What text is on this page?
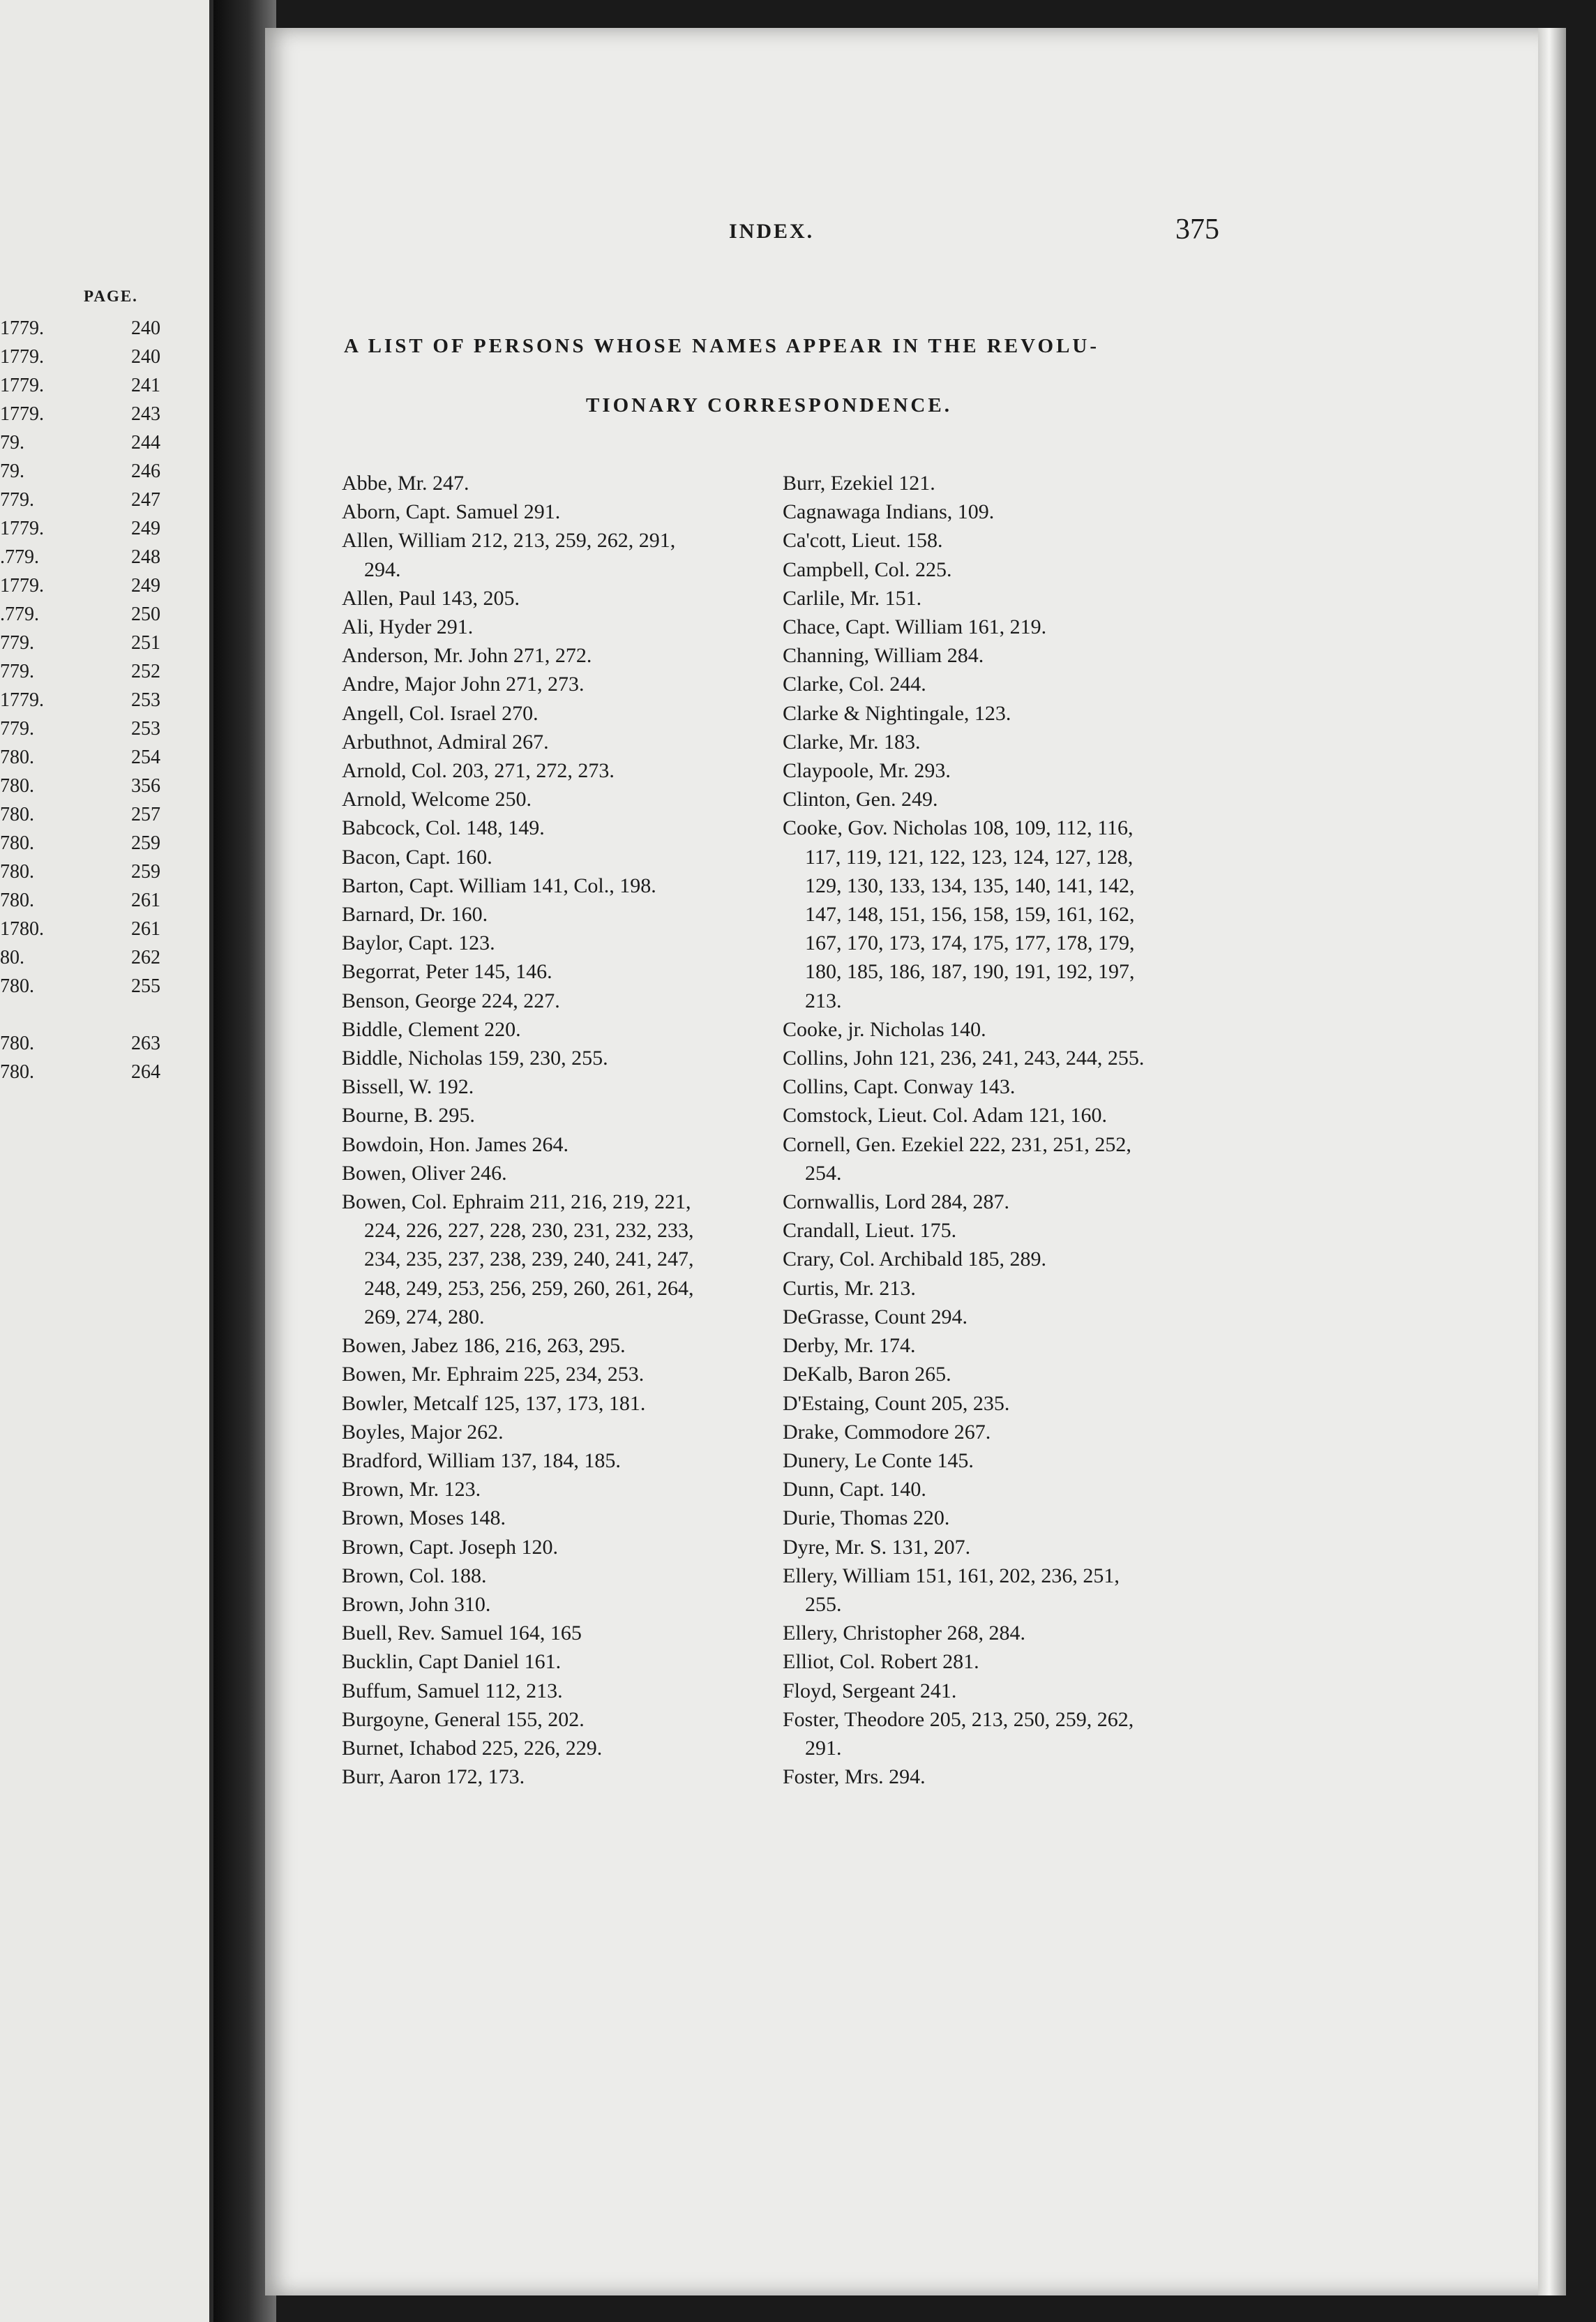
PAGE.
1779.	240
1779.	240
1779.	241
1779.	243
79.	244
79.	246
779.	247
1779.	249
.779.	248
1779.	249
.779.	250
779.	251
779.	252
1779.	253
779.	253
780.	254
780.	356
780.	257
780.	259
780.	259
780.	261
1780.	261
80.	262
780.	255
780.	263
780.	264
INDEX.	375
A LIST OF PERSONS WHOSE NAMES APPEAR IN THE REVOLU-
TIONARY CORRESPONDENCE.
Abbe, Mr. 247.
Aborn, Capt. Samuel 291.
Allen, William 212, 213, 259, 262, 291,
294.
Allen, Paul 143, 205.
Ali, Hyder 291.
Anderson, Mr. John 271, 272.
Andre, Major John 271, 273.
Angell, Col. Israel 270.
Arbuthnot, Admiral 267.
Arnold, Col. 203, 271, 272, 273.
Arnold, Welcome 250.
Babcock, Col. 148, 149.
Bacon, Capt. 160.
Barton, Capt. William 141, Col., 198.
Barnard, Dr. 160.
Baylor, Capt. 123.
Begorrat, Peter 145, 146.
Benson, George 224, 227.
Biddle, Clement 220.
Biddle, Nicholas 159, 230, 255.
Bissell, W. 192.
Bourne, B. 295.
Bowdoin, Hon. James 264.
Bowen, Oliver 246.
Bowen, Col. Ephraim 211, 216, 219, 221,
224, 226, 227, 228, 230, 231, 232, 233,
234, 235, 237, 238, 239, 240, 241, 247,
248, 249, 253, 256, 259, 260, 261, 264,
269, 274, 280.
Bowen, Jabez 186, 216, 263, 295.
Bowen, Mr. Ephraim 225, 234, 253.
Bowler, Metcalf 125, 137, 173, 181.
Boyles, Major 262.
Bradford, William 137, 184, 185.
Brown, Mr. 123.
Brown, Moses 148.
Brown, Capt. Joseph 120.
Brown, Col. 188.
Brown, John 310.
Buell, Rev. Samuel 164, 165
Bucklin, Capt Daniel 161.
Buffum, Samuel 112, 213.
Burgoyne, General 155, 202.
Burnet, Ichabod 225, 226, 229.
Burr, Aaron 172, 173.
Burr, Ezekiel 121.
Cagnawaga Indians, 109.
Ca'cott, Lieut. 158.
Campbell, Col. 225.
Carlile, Mr. 151.
Chace, Capt. William 161, 219.
Channing, William 284.
Clarke, Col. 244.
Clarke & Nightingale, 123.
Clarke, Mr. 183.
Claypoole, Mr. 293.
Clinton, Gen. 249.
Cooke, Gov. Nicholas 108, 109, 112, 116,
117, 119, 121, 122, 123, 124, 127, 128,
129, 130, 133, 134, 135, 140, 141, 142,
147, 148, 151, 156, 158, 159, 161, 162,
167, 170, 173, 174, 175, 177, 178, 179,
180, 185, 186, 187, 190, 191, 192, 197,
213.
Cooke, jr. Nicholas 140.
Collins, John 121, 236, 241, 243, 244, 255.
Collins, Capt. Conway 143.
Comstock, Lieut. Col. Adam 121, 160.
Cornell, Gen. Ezekiel 222, 231, 251, 252,
254.
Cornwallis, Lord 284, 287.
Crandall, Lieut. 175.
Crary, Col. Archibald 185, 289.
Curtis, Mr. 213.
DeGrasse, Count 294.
Derby, Mr. 174.
DeKalb, Baron 265.
D'Estaing, Count 205, 235.
Drake, Commodore 267.
Dunery, Le Conte 145.
Dunn, Capt. 140.
Durie, Thomas 220.
Dyre, Mr. S. 131, 207.
Ellery, William 151, 161, 202, 236, 251,
255.
Ellery, Christopher 268, 284.
Elliot, Col. Robert 281.
Floyd, Sergeant 241.
Foster, Theodore 205, 213, 250, 259, 262,
291.
Foster, Mrs. 294.
